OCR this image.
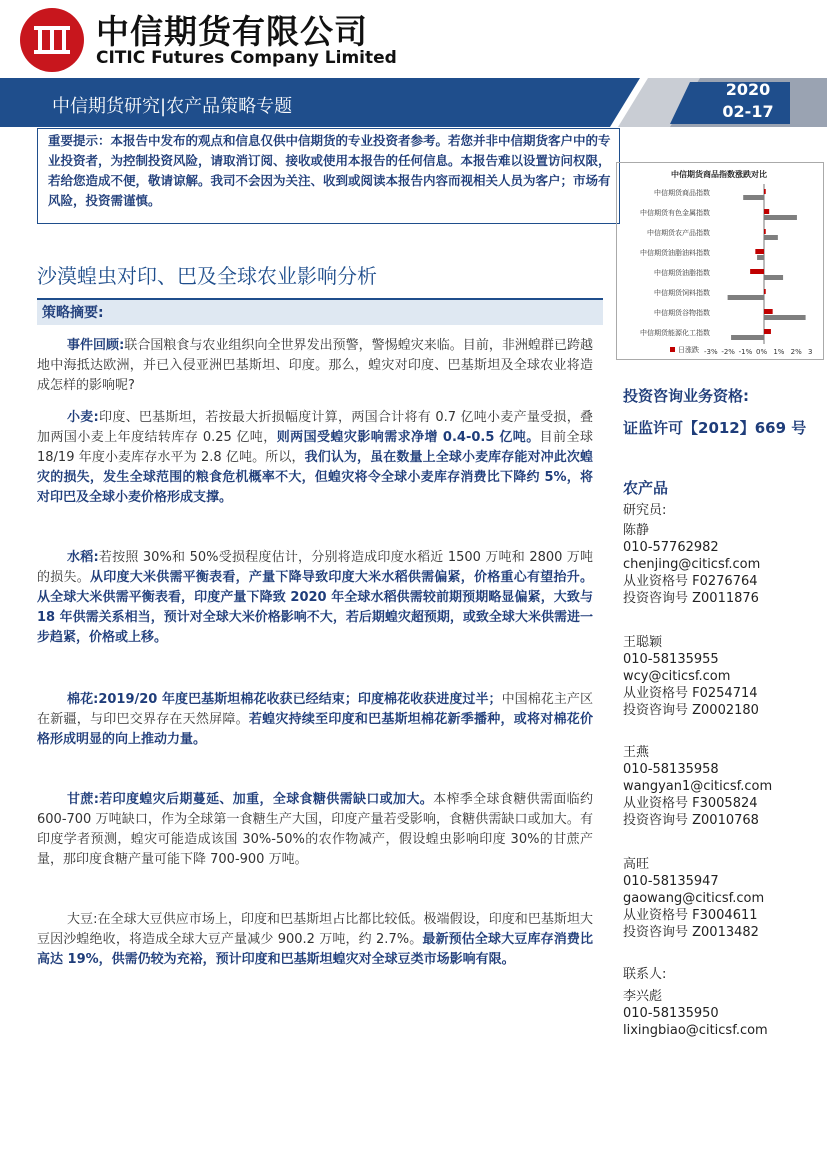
中信期货有限公司
CITIC Futures Company Limited
中信期货研究|农产品策略专题
2020
02-17
重要提示：本报告中发布的观点和信息仅供中信期货的专业投资者参考。若您并非中信期货客户中的专业投资者，为控制投资风险，请取消订阅、接收或使用本报告的任何信息。本报告难以设置访问权限，若给您造成不便，敬请谅解。我司不会因为关注、收到或阅读本报告内容而视相关人员为客户；市场有风险，投资需谨慎。
沙漠蝗虫对印、巴及全球农业影响分析
策略摘要:
事件回顾:联合国粮食与农业组织向全世界发出预警，警惕蝗灾来临。目前，非洲蝗群已跨越地中海抵达欧洲，并已入侵亚洲巴基斯坦、印度。那么，蝗灾对印度、巴基斯坦及全球农业将造成怎样的影响呢?
小麦:印度、巴基斯坦，若按最大折损幅度计算，两国合计将有 0.7 亿吨小麦产量受损，叠加两国小麦上年度结转库存 0.25 亿吨，则两国受蝗灾影响需求净增 0.4-0.5 亿吨。目前全球 18/19 年度小麦库存水平为 2.8 亿吨。所以，我们认为，虽在数量上全球小麦库存能对冲此次蝗灾的损失，发生全球范围的粮食危机概率不大，但蝗灾将令全球小麦库存消费比下降约 5%，将对印巴及全球小麦价格形成支撑。
水稻:若按照 30%和 50%受损程度估计，分别将造成印度水稻近 1500 万吨和 2800 万吨的损失。从印度大米供需平衡表看，产量下降导致印度大米水稻供需偏紧，价格重心有望抬升。从全球大米供需平衡表看，印度产量下降致 2020 年全球水稻供需较前期预期略显偏紧，大致与 18 年供需关系相当，预计对全球大米价格影响不大，若后期蝗灾超预期，或致全球大米供需进一步趋紧，价格或上移。
棉花:2019/20 年度巴基斯坦棉花收获已经结束；印度棉花收获进度过半；中国棉花主产区在新疆，与印巴交界存在天然屏障。若蝗灾持续至印度和巴基斯坦棉花新季播种，或将对棉花价格形成明显的向上推动力量。
甘蔗:若印度蝗灾后期蔓延、加重，全球食糖供需缺口或加大。本榨季全球食糖供需面临约 600-700 万吨缺口，作为全球第一食糖生产大国，印度产量若受影响，食糖供需缺口或加大。有印度学者预测，蝗灾可能造成该国 30%-50%的农作物减产，假设蝗虫影响印度 30%的甘蔗产量，那印度食糖产量可能下降 700-900 万吨。
大豆:在全球大豆供应市场上，印度和巴基斯坦占比都比较低。极端假设，印度和巴基斯坦大豆因沙蝗绝收，将造成全球大豆产量减少 900.2 万吨，约 2.7%。最新预估全球大豆库存消费比高达 19%，供需仍较为充裕，预计印度和巴基斯坦蝗灾对全球豆类市场影响有限。
中信期货商品指数涨跌对比
中信期货商品指数
中信期货有色金属指数
中信期货农产品指数
中信期货油脂油料指数
中信期货油脂指数
中信期货饲料指数
中信期货谷物指数
中信期货能源化工指数
-3% -2% -1% 0% 1% 2% 3
日涨跌
投资咨询业务资格:
证监许可【2012】669 号
农产品
研究员:
陈静
010-57762982
chenjing@citicsf.com
从业资格号 F0276764
投资咨询号 Z0011876
王聪颖
010-58135955
wcy@citicsf.com
从业资格号 F0254714
投资咨询号 Z0002180
王燕
010-58135958
wangyan1@citicsf.com
从业资格号 F3005824
投资咨询号 Z0010768
高旺
010-58135947
gaowang@citicsf.com
从业资格号 F3004611
投资咨询号 Z0013482
联系人:
李兴彪
010-58135950
lixingbiao@citicsf.com
